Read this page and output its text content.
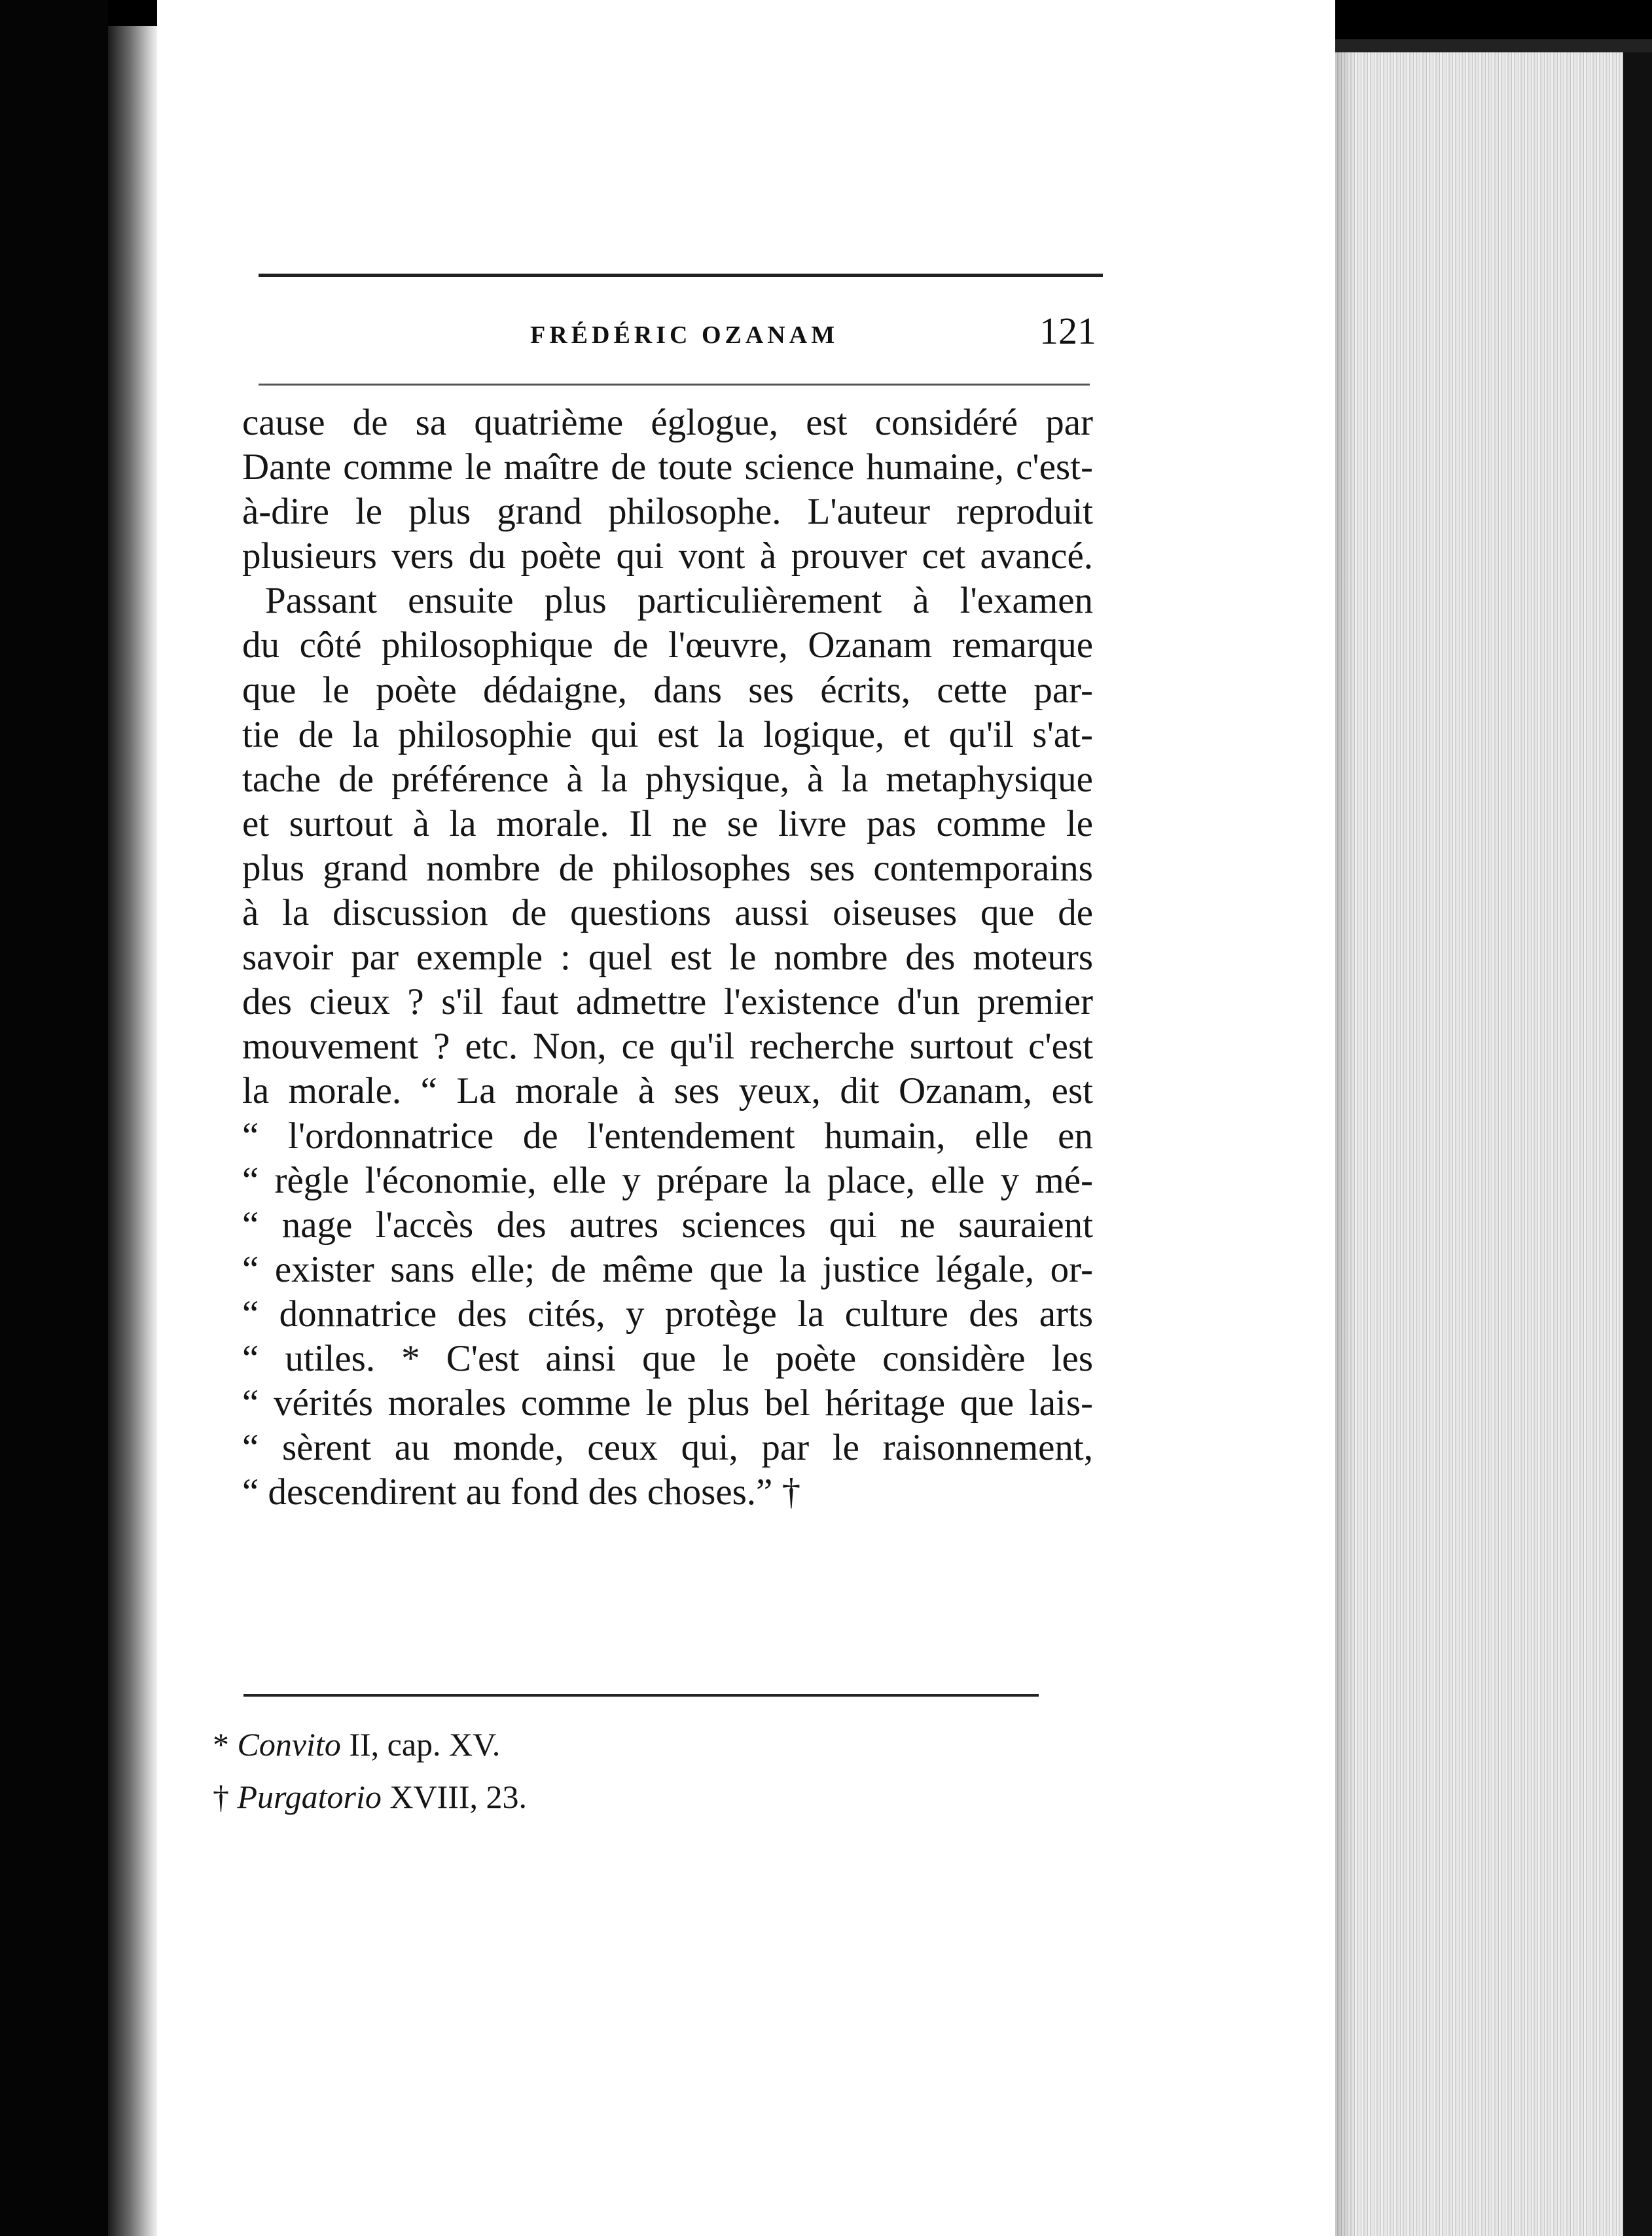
FRÉDÉRIC OZANAM	121
cause de sa quatrième églogue, est considéré par
Dante comme le maître de toute science humaine, c'est-
à-dire le plus grand philosophe. L'auteur reproduit
plusieurs vers du poète qui vont à prouver cet avancé.
Passant ensuite plus particulièrement à l'examen
du côté philosophique de l'œuvre, Ozanam remarque
que le poète dédaigne, dans ses écrits, cette par-
tie de la philosophie qui est la logique, et qu'il s'at-
tache de préférence à la physique, à la metaphysique
et surtout à la morale. Il ne se livre pas comme le
plus grand nombre de philosophes ses contemporains
à la discussion de questions aussi oiseuses que de
savoir par exemple : quel est le nombre des moteurs
des cieux ? s'il faut admettre l'existence d'un premier
mouvement ? etc. Non, ce qu'il recherche surtout c'est
la morale. “ La morale à ses yeux, dit Ozanam, est
“ l'ordonnatrice de l'entendement humain, elle en
“ règle l'économie, elle y prépare la place, elle y mé-
“ nage l'accès des autres sciences qui ne sauraient
“ exister sans elle; de même que la justice légale, or-
“ donnatrice des cités, y protège la culture des arts
“ utiles. * C'est ainsi que le poète considère les
“ vérités morales comme le plus bel héritage que lais-
“ sèrent au monde, ceux qui, par le raisonnement,
“ descendirent au fond des choses.” †
* Convito II, cap. XV.
† Purgatorio XVIII, 23.
